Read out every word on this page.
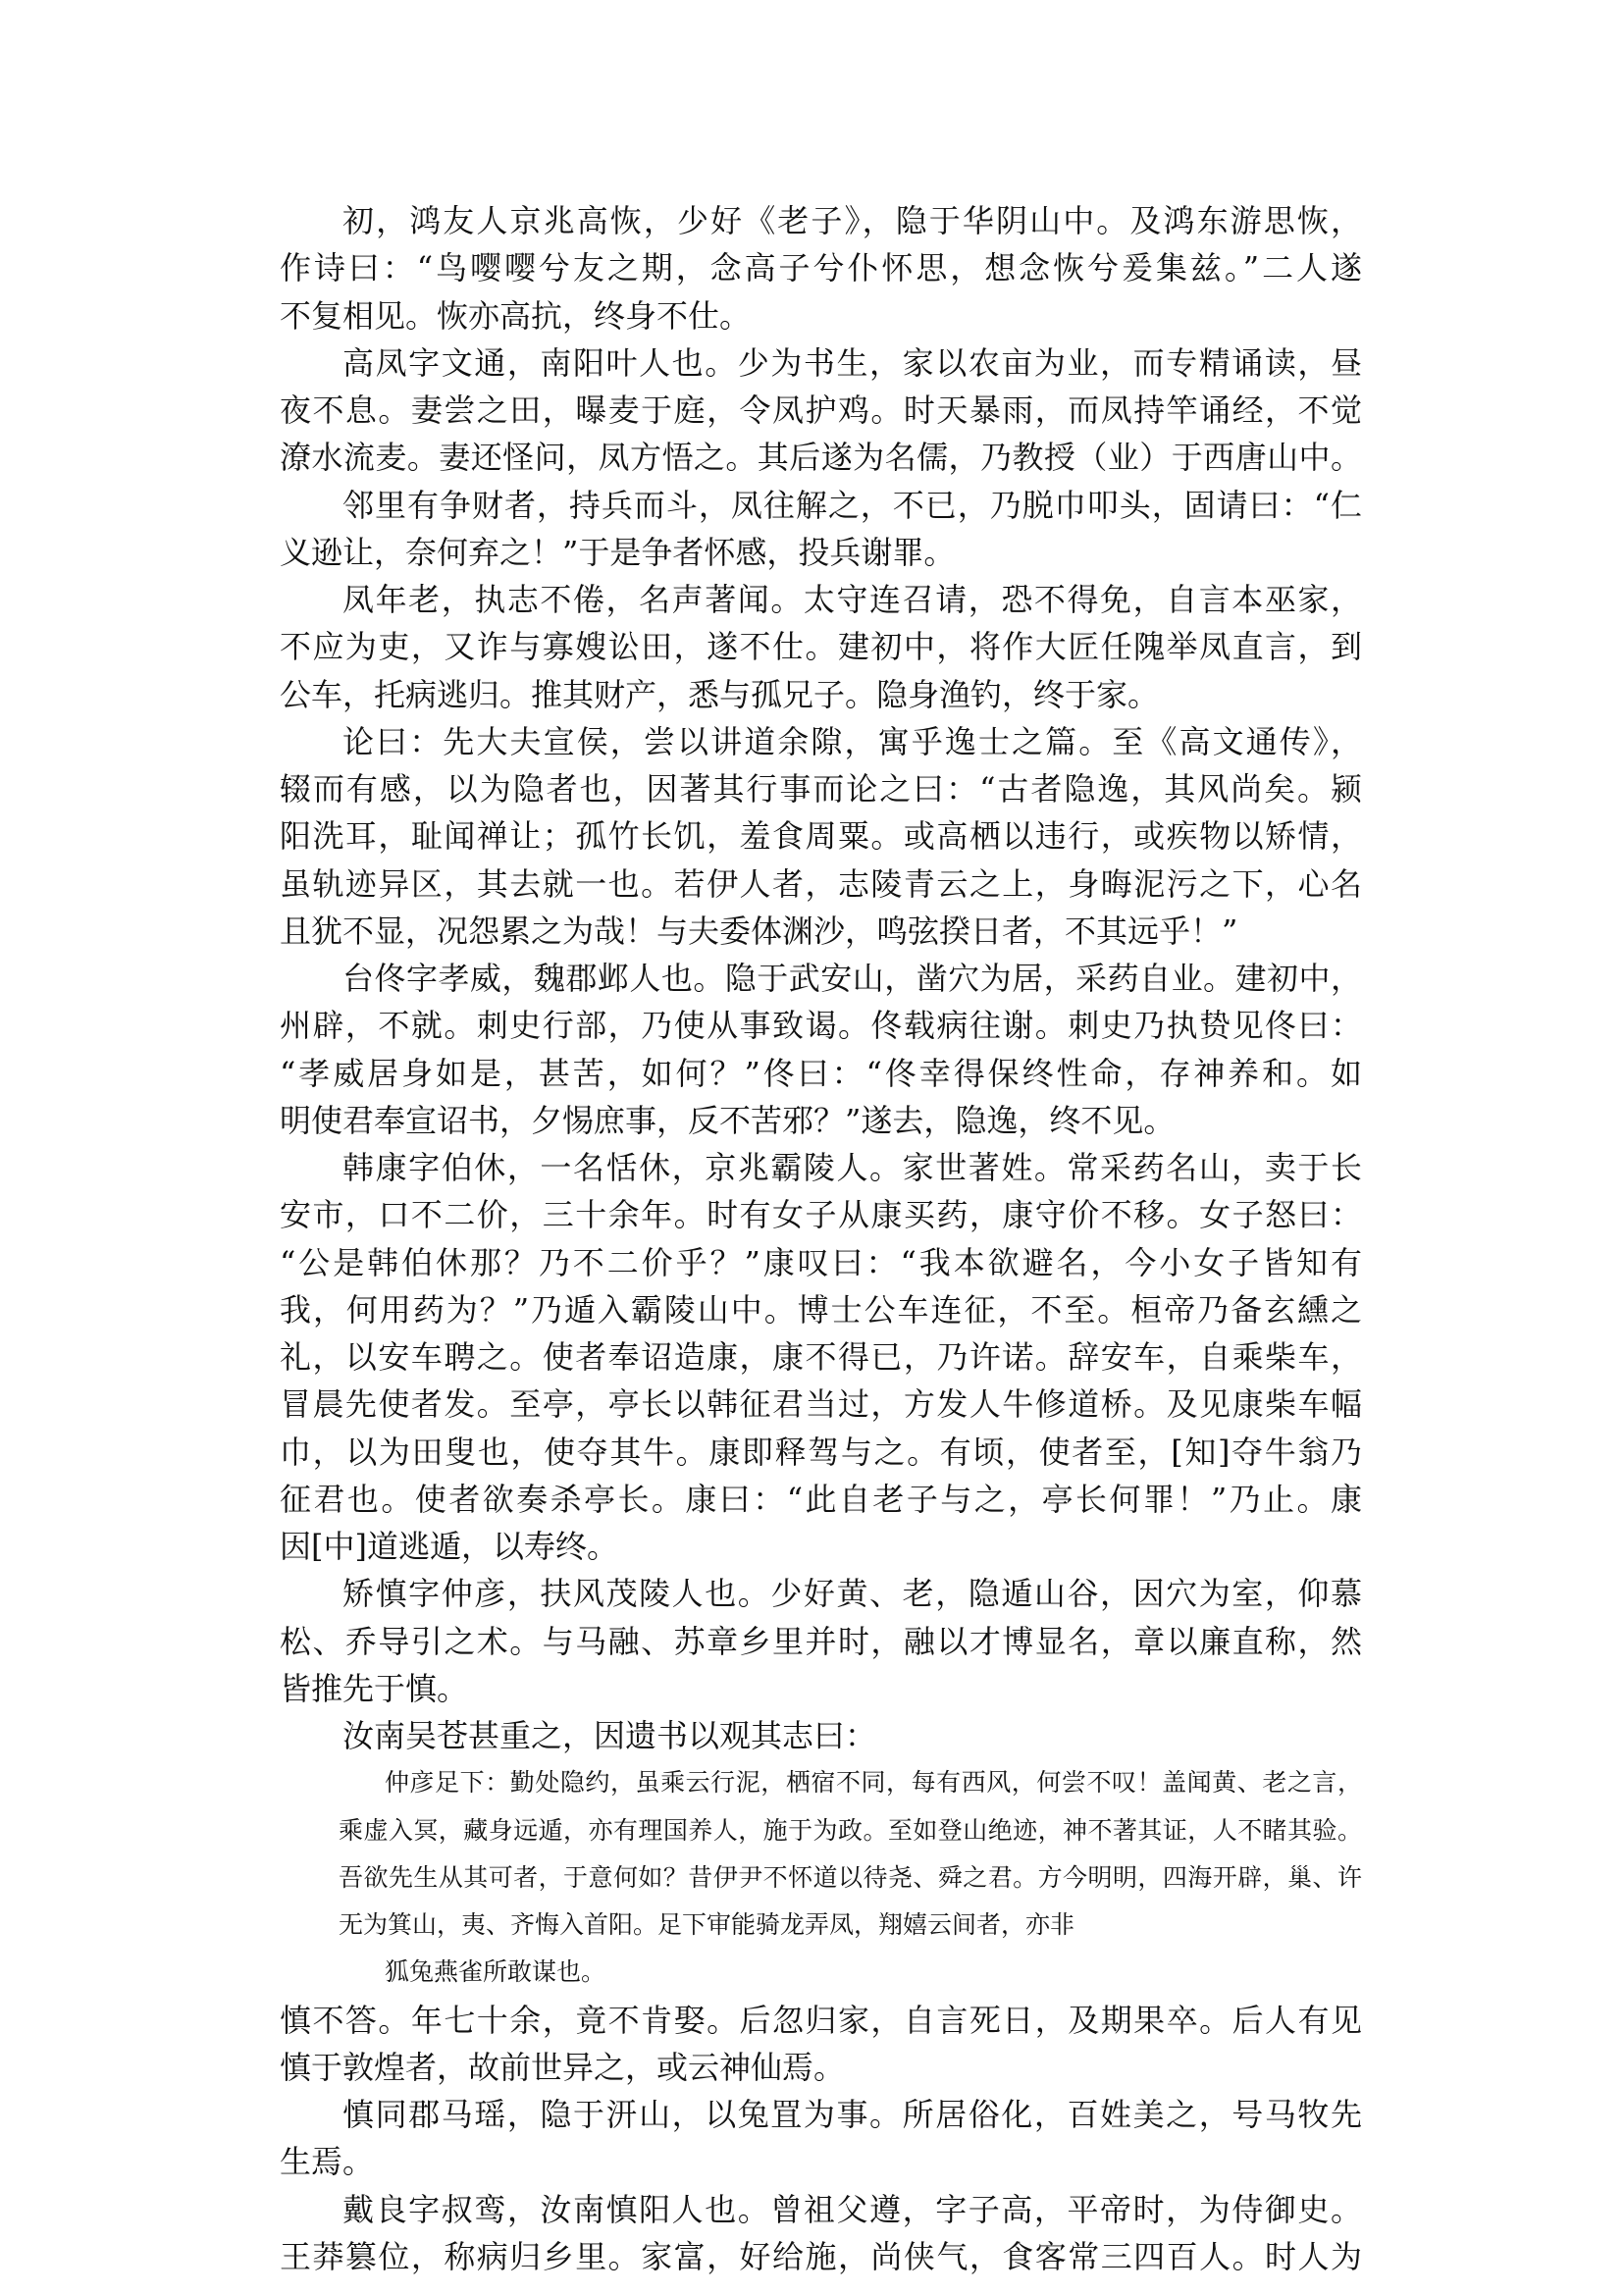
初，鸿友人京兆高恢，少好《老子》，隐于华阴山中。及鸿东游思恢，
作诗曰：“鸟嘤嘤兮友之期，念高子兮仆怀思，想念恢兮爰集兹。”二人遂
不复相见。恢亦高抗，终身不仕。
高凤字文通，南阳叶人也。少为书生，家以农亩为业，而专精诵读，昼
夜不息。妻尝之田，曝麦于庭，令凤护鸡。时天暴雨，而凤持竿诵经，不觉
潦水流麦。妻还怪问，凤方悟之。其后遂为名儒，乃教授（业）于西唐山中。
邻里有争财者，持兵而斗，凤往解之，不已，乃脱巾叩头，固请曰：“仁
义逊让，奈何弃之！”于是争者怀感，投兵谢罪。
凤年老，执志不倦，名声著闻。太守连召请，恐不得免，自言本巫家，
不应为吏，又诈与寡嫂讼田，遂不仕。建初中，将作大匠任隗举凤直言，到
公车，托病逃归。推其财产，悉与孤兄子。隐身渔钓，终于家。
论曰：先大夫宣侯，尝以讲道余隙，寓乎逸士之篇。至《高文通传》，
辍而有感，以为隐者也，因著其行事而论之曰：“古者隐逸，其风尚矣。颍
阳洗耳，耻闻禅让；孤竹长饥，羞食周粟。或高栖以违行，或疾物以矫情，
虽轨迹异区，其去就一也。若伊人者，志陵青云之上，身晦泥污之下，心名
且犹不显，况怨累之为哉！与夫委体渊沙，鸣弦揆日者，不其远乎！”
台佟字孝威，魏郡邺人也。隐于武安山，凿穴为居，采药自业。建初中，
州辟，不就。刺史行部，乃使从事致谒。佟载病往谢。刺史乃执贽见佟曰：
“孝威居身如是，甚苦，如何？”佟曰：“佟幸得保终性命，存神养和。如
明使君奉宣诏书，夕惕庶事，反不苦邪？”遂去，隐逸，终不见。
韩康字伯休，一名恬休，京兆霸陵人。家世著姓。常采药名山，卖于长
安市，口不二价，三十余年。时有女子从康买药，康守价不移。女子怒曰：
“公是韩伯休那？乃不二价乎？”康叹曰：“我本欲避名，今小女子皆知有
我，何用药为？”乃遁入霸陵山中。博士公车连征，不至。桓帝乃备玄纁之
礼，以安车聘之。使者奉诏造康，康不得已，乃许诺。辞安车，自乘柴车，
冒晨先使者发。至亭，亭长以韩征君当过，方发人牛修道桥。及见康柴车幅
巾，以为田叟也，使夺其牛。康即释驾与之。有顷，使者至，[知]夺牛翁乃
征君也。使者欲奏杀亭长。康曰：“此自老子与之，亭长何罪！”乃止。康
因[中]道逃遁，以寿终。
矫慎字仲彦，扶风茂陵人也。少好黄、老，隐遁山谷，因穴为室，仰慕
松、乔导引之术。与马融、苏章乡里并时，融以才博显名，章以廉直称，然
皆推先于慎。
汝南吴苍甚重之，因遗书以观其志曰：
仲彦足下：勤处隐约，虽乘云行泥，栖宿不同，每有西风，何尝不叹！盖闻黄、老之言，
乘虚入冥，藏身远遁，亦有理国养人，施于为政。至如登山绝迹，神不著其证，人不睹其验。
吾欲先生从其可者，于意何如？昔伊尹不怀道以待尧、舜之君。方今明明，四海开辟，巢、许
无为箕山，夷、齐悔入首阳。足下审能骑龙弄凤，翔嬉云间者，亦非
狐兔燕雀所敢谋也。
慎不答。年七十余，竟不肯娶。后忽归家，自言死日，及期果卒。后人有见
慎于敦煌者，故前世异之，或云神仙焉。
慎同郡马瑶，隐于汧山，以兔罝为事。所居俗化，百姓美之，号马牧先
生焉。
戴良字叔鸾，汝南慎阳人也。曾祖父遵，字子高，平帝时，为侍御史。
王莽篡位，称病归乡里。家富，好给施，尚侠气，食客常三四百人。时人为
